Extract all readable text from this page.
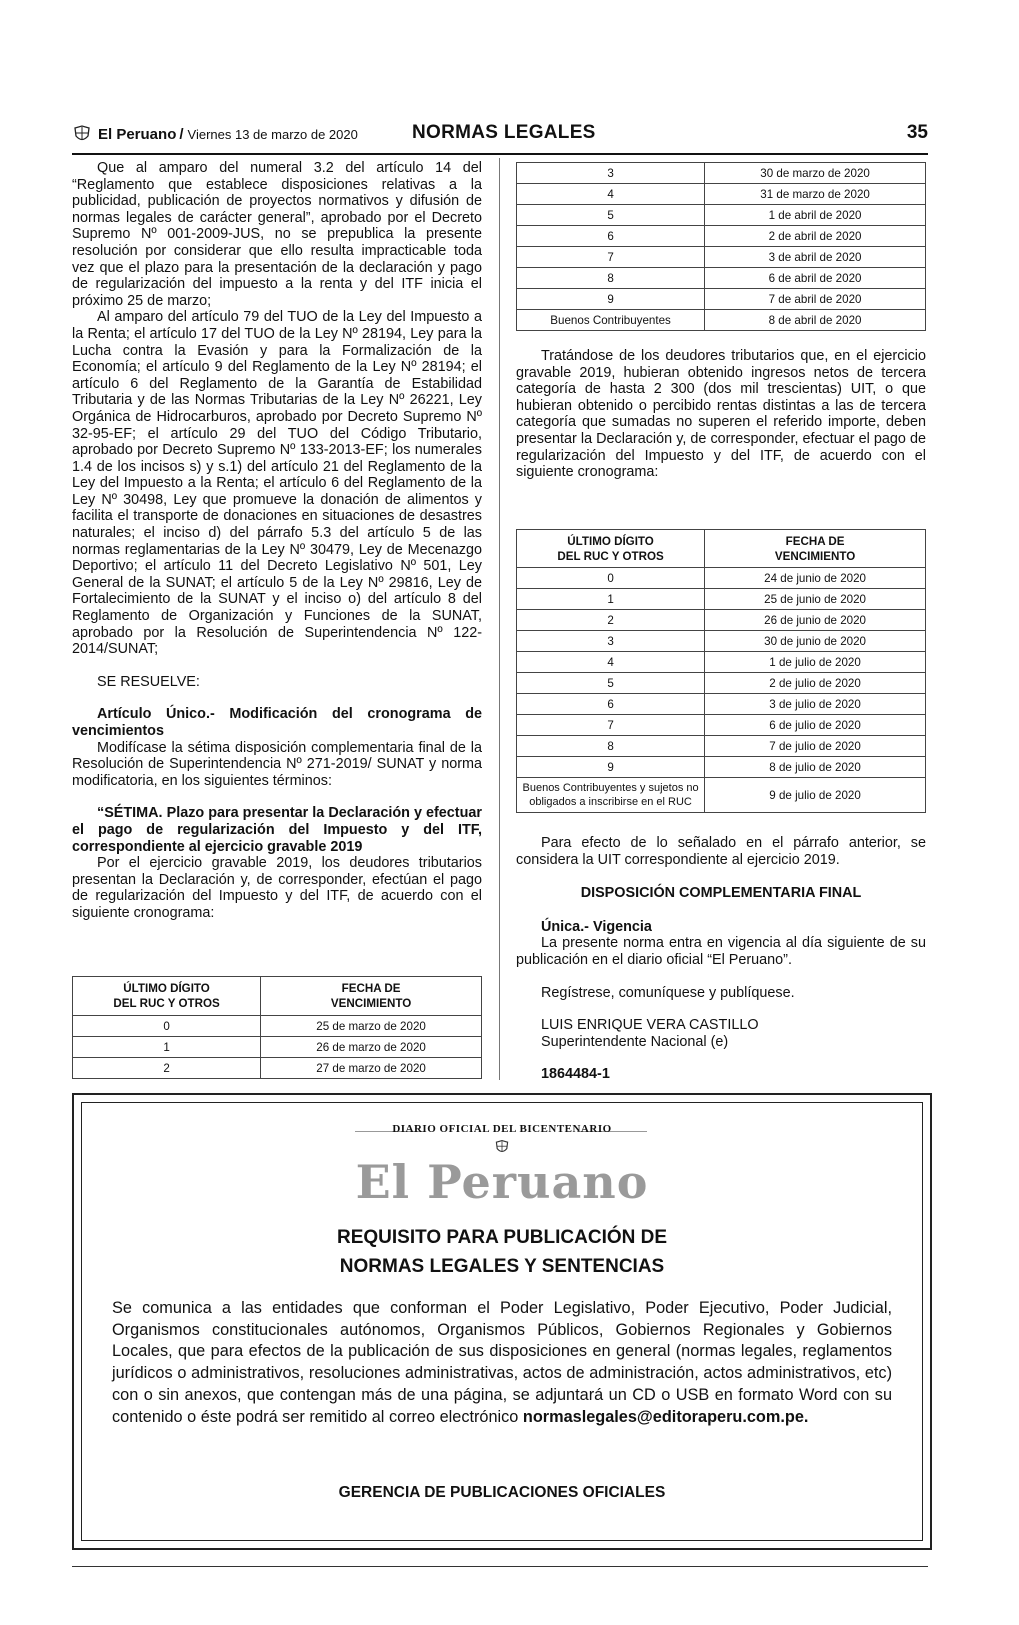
El Peruano / Viernes 13 de marzo de 2020	NORMAS LEGALES	35

Que al amparo del numeral 3.2 del artículo 14 del “Reglamento que establece disposiciones relativas a la publicidad, publicación de proyectos normativos y difusión de normas legales de carácter general”, aprobado por el Decreto Supremo Nº 001-2009-JUS, no se prepublica la presente resolución por considerar que ello resulta impracticable toda vez que el plazo para la presentación de la declaración y pago de regularización del impuesto a la renta y del ITF inicia el próximo 25 de marzo;

Al amparo del artículo 79 del TUO de la Ley del Impuesto a la Renta; el artículo 17 del TUO de la Ley Nº 28194, Ley para la Lucha contra la Evasión y para la Formalización de la Economía; el artículo 9 del Reglamento de la Ley Nº 28194; el artículo 6 del Reglamento de la Garantía de Estabilidad Tributaria y de las Normas Tributarias de la Ley Nº 26221, Ley Orgánica de Hidrocarburos, aprobado por Decreto Supremo Nº 32-95-EF; el artículo 29 del TUO del Código Tributario, aprobado por Decreto Supremo Nº 133-2013-EF; los numerales 1.4 de los incisos s) y s.1) del artículo 21 del Reglamento de la Ley del Impuesto a la Renta; el artículo 6 del Reglamento de la Ley Nº 30498, Ley que promueve la donación de alimentos y facilita el transporte de donaciones en situaciones de desastres naturales; el inciso d) del párrafo 5.3 del artículo 5 de las normas reglamentarias de la Ley Nº 30479, Ley de Mecenazgo Deportivo; el artículo 11 del Decreto Legislativo Nº 501, Ley General de la SUNAT; el artículo 5 de la Ley Nº 29816, Ley de Fortalecimiento de la SUNAT y el inciso o) del artículo 8 del Reglamento de Organización y Funciones de la SUNAT, aprobado por la Resolución de Superintendencia Nº 122-2014/SUNAT;

SE RESUELVE:

Artículo Único.- Modificación del cronograma de vencimientos

Modifícase la sétima disposición complementaria final de la Resolución de Superintendencia Nº 271-2019/ SUNAT y norma modificatoria, en los siguientes términos:

“SÉTIMA. Plazo para presentar la Declaración y efectuar el pago de regularización del Impuesto y del ITF, correspondiente al ejercicio gravable 2019

Por el ejercicio gravable 2019, los deudores tributarios presentan la Declaración y, de corresponder, efectúan el pago de regularización del Impuesto y del ITF, de acuerdo con el siguiente cronograma:

ÚLTIMO DÍGITO
DEL RUC Y OTROS	FECHA DE
VENCIMIENTO
0	25 de marzo de 2020
1	26 de marzo de 2020
2	27 de marzo de 2020
3	30 de marzo de 2020
4	31 de marzo de 2020
5	1 de abril de 2020
6	2 de abril de 2020
7	3 de abril de 2020
8	6 de abril de 2020
9	7 de abril de 2020
Buenos Contribuyentes	8 de abril de 2020

Tratándose de los deudores tributarios que, en el ejercicio gravable 2019, hubieran obtenido ingresos netos de tercera categoría de hasta 2 300 (dos mil trescientas) UIT, o que hubieran obtenido o percibido rentas distintas a las de tercera categoría que sumadas no superen el referido importe, deben presentar la Declaración y, de corresponder, efectuar el pago de regularización del Impuesto y del ITF, de acuerdo con el siguiente cronograma:

ÚLTIMO DÍGITO
DEL RUC Y OTROS	FECHA DE
VENCIMIENTO
0	24 de junio de 2020
1	25 de junio de 2020
2	26 de junio de 2020
3	30 de junio de 2020
4	1 de julio de 2020
5	2 de julio de 2020
6	3 de julio de 2020
7	6 de julio de 2020
8	7 de julio de 2020
9	8 de julio de 2020
Buenos Contribuyentes y sujetos no
obligados a inscribirse en el RUC	9 de julio de 2020

Para efecto de lo señalado en el párrafo anterior, se considera la UIT correspondiente al ejercicio 2019.

DISPOSICIÓN COMPLEMENTARIA FINAL

Única.- Vigencia

La presente norma entra en vigencia al día siguiente de su publicación en el diario oficial “El Peruano”.

Regístrese, comuníquese y publíquese.

LUIS ENRIQUE VERA CASTILLO

Superintendente Nacional (e)

1864484-1

DIARIO OFICIAL DEL BICENTENARIO
El Peruano
REQUISITO PARA PUBLICACIÓN DE
NORMAS LEGALES Y SENTENCIAS
Se comunica a las entidades que conforman el Poder Legislativo, Poder Ejecutivo, Poder Judicial, Organismos constitucionales autónomos, Organismos Públicos, Gobiernos Regionales y Gobiernos Locales, que para efectos de la publicación de sus disposiciones en general (normas legales, reglamentos jurídicos o administrativos, resoluciones administrativas, actos de administración, actos administrativos, etc) con o sin anexos, que contengan más de una página, se adjuntará un CD o USB en formato Word con su contenido o éste podrá ser remitido al correo electrónico normaslegales@editoraperu.com.pe.
GERENCIA DE PUBLICACIONES OFICIALES
